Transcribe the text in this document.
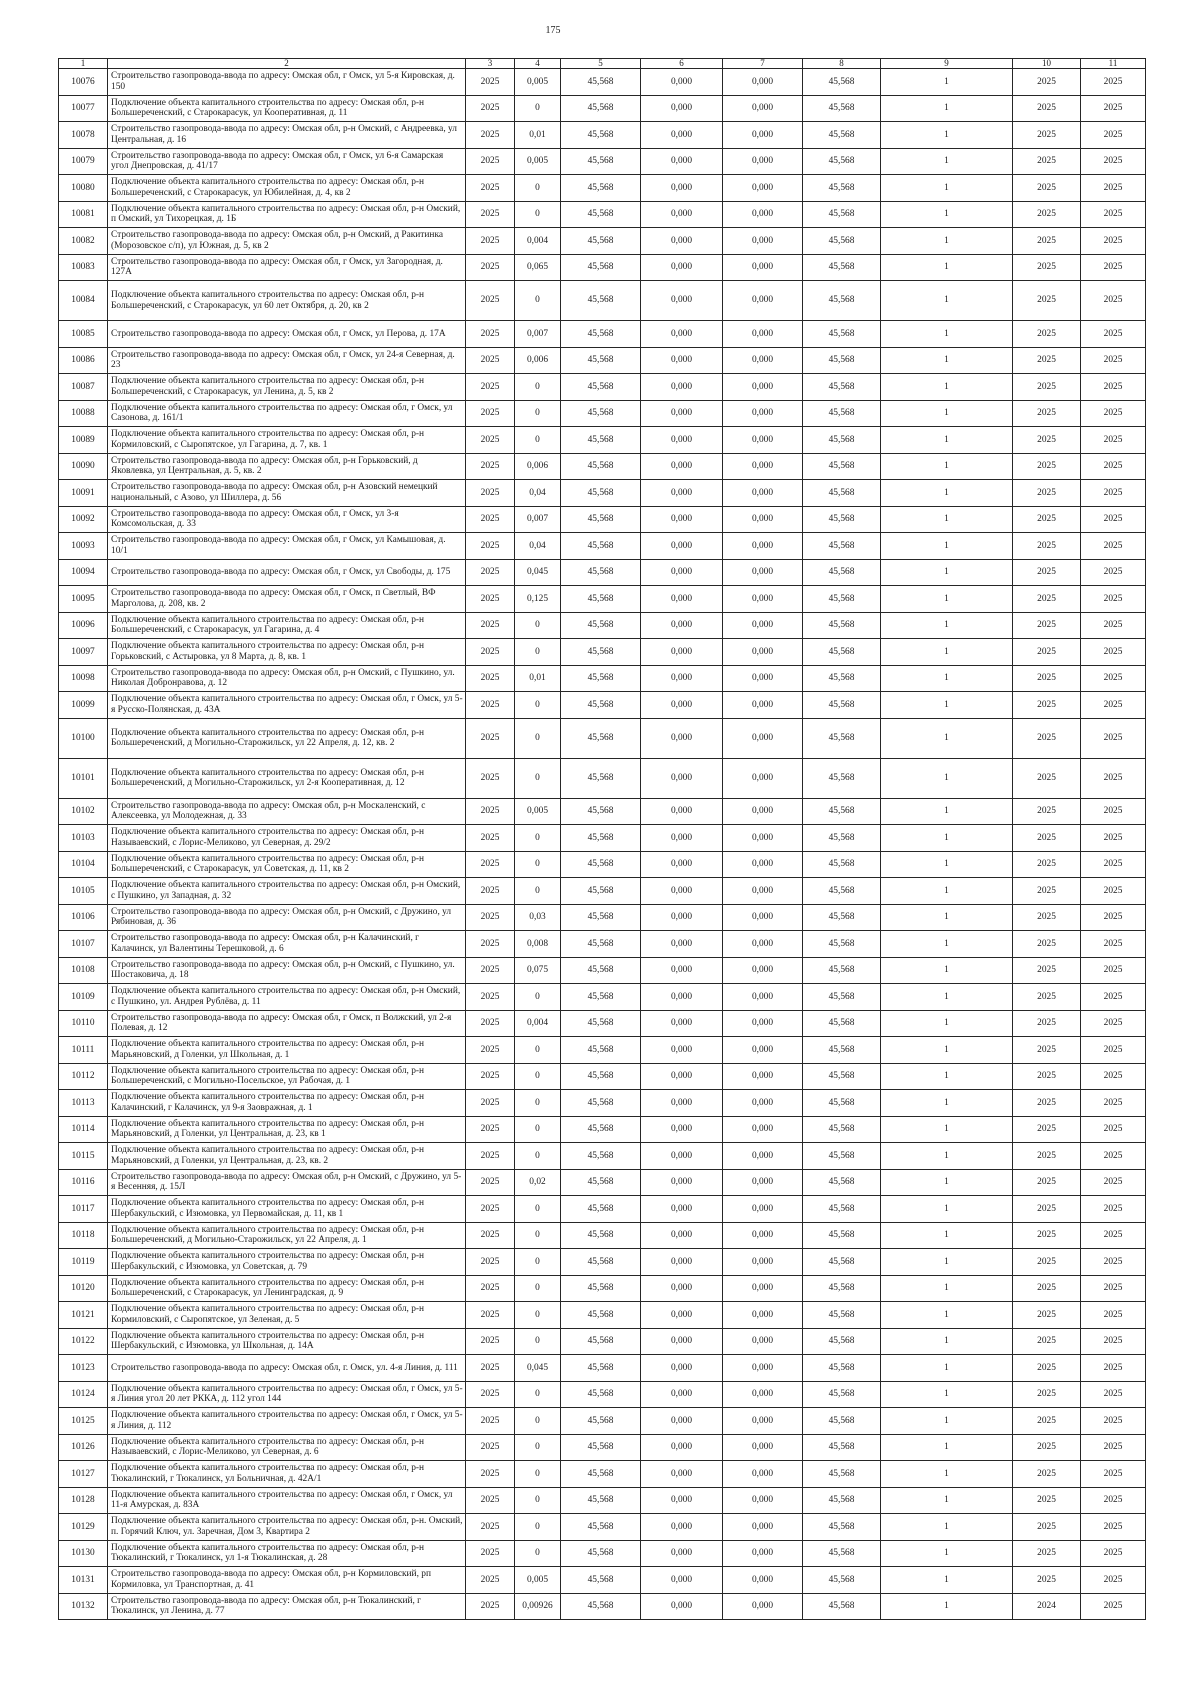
175
1	2	3	4	5	6	7	8	9	10	11
10076	Строительство газопровода-ввода по адресу: Омская обл, г Омск, ул 5-я Кировская, д. 150	2025	0,005	45,568	0,000	0,000	45,568	1	2025	2025
10077	Подключение объекта капитального строительства по адресу: Омская обл, р-н Большереченский, с Старокарасук, ул Кооперативная, д. 11	2025	0	45,568	0,000	0,000	45,568	1	2025	2025
10078	Строительство газопровода-ввода по адресу: Омская обл, р-н Омский, с Андреевка, ул Центральная, д. 16	2025	0,01	45,568	0,000	0,000	45,568	1	2025	2025
10079	Строительство газопровода-ввода по адресу: Омская обл, г Омск, ул 6-я Самарская угол Днепровская, д. 41/17	2025	0,005	45,568	0,000	0,000	45,568	1	2025	2025
10080	Подключение объекта капитального строительства по адресу: Омская обл, р-н Большереченский, с Старокарасук, ул Юбилейная, д. 4, кв 2	2025	0	45,568	0,000	0,000	45,568	1	2025	2025
10081	Подключение объекта капитального строительства по адресу: Омская обл, р-н Омский, п Омский, ул Тихорецкая, д. 1Б	2025	0	45,568	0,000	0,000	45,568	1	2025	2025
10082	Строительство газопровода-ввода по адресу: Омская обл, р-н Омский, д Ракитинка (Морозовское с/п), ул Южная, д. 5, кв 2	2025	0,004	45,568	0,000	0,000	45,568	1	2025	2025
10083	Строительство газопровода-ввода по адресу: Омская обл, г Омск, ул Загородная, д. 127А	2025	0,065	45,568	0,000	0,000	45,568	1	2025	2025
10084	Подключение объекта капитального строительства по адресу: Омская обл, р-н Большереченский, с Старокарасук, ул 60 лет Октября, д. 20, кв 2	2025	0	45,568	0,000	0,000	45,568	1	2025	2025
10085	Строительство газопровода-ввода по адресу: Омская обл, г Омск, ул Перова, д. 17А	2025	0,007	45,568	0,000	0,000	45,568	1	2025	2025
10086	Строительство газопровода-ввода по адресу: Омская обл, г Омск, ул 24-я Северная, д. 23	2025	0,006	45,568	0,000	0,000	45,568	1	2025	2025
10087	Подключение объекта капитального строительства по адресу: Омская обл, р-н Большереченский, с Старокарасук, ул Ленина, д. 5, кв 2	2025	0	45,568	0,000	0,000	45,568	1	2025	2025
10088	Подключение объекта капитального строительства по адресу: Омская обл, г Омск, ул Сазонова, д. 161/1	2025	0	45,568	0,000	0,000	45,568	1	2025	2025
10089	Подключение объекта капитального строительства по адресу: Омская обл, р-н Кормиловский, с Сыропятское, ул Гагарина, д. 7, кв. 1	2025	0	45,568	0,000	0,000	45,568	1	2025	2025
10090	Строительство газопровода-ввода по адресу: Омская обл, р-н Горьковский, д Яковлевка, ул Центральная, д. 5, кв. 2	2025	0,006	45,568	0,000	0,000	45,568	1	2025	2025
10091	Строительство газопровода-ввода по адресу: Омская обл, р-н Азовский немецкий национальный, с Азово, ул Шиллера, д. 56	2025	0,04	45,568	0,000	0,000	45,568	1	2025	2025
10092	Строительство газопровода-ввода по адресу: Омская обл, г Омск, ул 3-я Комсомольская, д. 33	2025	0,007	45,568	0,000	0,000	45,568	1	2025	2025
10093	Строительство газопровода-ввода по адресу: Омская обл, г Омск, ул Камышовая, д. 10/1	2025	0,04	45,568	0,000	0,000	45,568	1	2025	2025
10094	Строительство газопровода-ввода по адресу: Омская обл, г Омск, ул Свободы, д. 175	2025	0,045	45,568	0,000	0,000	45,568	1	2025	2025
10095	Строительство газопровода-ввода по адресу: Омская обл, г Омск, п Светлый, ВФ Марголова, д. 208, кв. 2	2025	0,125	45,568	0,000	0,000	45,568	1	2025	2025
10096	Подключение объекта капитального строительства по адресу: Омская обл, р-н Большереченский, с Старокарасук, ул Гагарина, д. 4	2025	0	45,568	0,000	0,000	45,568	1	2025	2025
10097	Подключение объекта капитального строительства по адресу: Омская обл, р-н Горьковский, с Астыровка, ул 8 Марта, д. 8, кв. 1	2025	0	45,568	0,000	0,000	45,568	1	2025	2025
10098	Строительство газопровода-ввода по адресу: Омская обл, р-н Омский, с Пушкино, ул. Николая Добронравова, д. 12	2025	0,01	45,568	0,000	0,000	45,568	1	2025	2025
10099	Подключение объекта капитального строительства по адресу: Омская обл, г Омск, ул 5-я Русско-Полянская, д. 43А	2025	0	45,568	0,000	0,000	45,568	1	2025	2025
10100	Подключение объекта капитального строительства по адресу: Омская обл, р-н Большереченский, д Могильно-Старожильск, ул 22 Апреля, д. 12, кв. 2	2025	0	45,568	0,000	0,000	45,568	1	2025	2025
10101	Подключение объекта капитального строительства по адресу: Омская обл, р-н Большереченский, д Могильно-Старожильск, ул 2-я Кооперативная, д. 12	2025	0	45,568	0,000	0,000	45,568	1	2025	2025
10102	Строительство газопровода-ввода по адресу: Омская обл, р-н Москаленский, с Алексеевка, ул Молодежная, д. 33	2025	0,005	45,568	0,000	0,000	45,568	1	2025	2025
10103	Подключение объекта капитального строительства по адресу: Омская обл, р-н Называевский, с Лорис-Меликово, ул Северная, д. 29/2	2025	0	45,568	0,000	0,000	45,568	1	2025	2025
10104	Подключение объекта капитального строительства по адресу: Омская обл, р-н Большереченский, с Старокарасук, ул Советская, д. 11, кв 2	2025	0	45,568	0,000	0,000	45,568	1	2025	2025
10105	Подключение объекта капитального строительства по адресу: Омская обл, р-н Омский, с Пушкино, ул Западная, д. 32	2025	0	45,568	0,000	0,000	45,568	1	2025	2025
10106	Строительство газопровода-ввода по адресу: Омская обл, р-н Омский, с Дружино, ул Рябиновая, д. 36	2025	0,03	45,568	0,000	0,000	45,568	1	2025	2025
10107	Строительство газопровода-ввода по адресу: Омская обл, р-н Калачинский, г Калачинск, ул Валентины Терешковой, д. 6	2025	0,008	45,568	0,000	0,000	45,568	1	2025	2025
10108	Строительство газопровода-ввода по адресу: Омская обл, р-н Омский, с Пушкино, ул. Шостаковича, д. 18	2025	0,075	45,568	0,000	0,000	45,568	1	2025	2025
10109	Подключение объекта капитального строительства по адресу: Омская обл, р-н Омский, с Пушкино, ул. Андрея Рублёва, д. 11	2025	0	45,568	0,000	0,000	45,568	1	2025	2025
10110	Строительство газопровода-ввода по адресу: Омская обл, г Омск, п Волжский, ул 2-я Полевая, д. 12	2025	0,004	45,568	0,000	0,000	45,568	1	2025	2025
10111	Подключение объекта капитального строительства по адресу: Омская обл, р-н Марьяновский, д Голенки, ул Школьная, д. 1	2025	0	45,568	0,000	0,000	45,568	1	2025	2025
10112	Подключение объекта капитального строительства по адресу: Омская обл, р-н Большереченский, с Могильно-Посельское, ул Рабочая, д. 1	2025	0	45,568	0,000	0,000	45,568	1	2025	2025
10113	Подключение объекта капитального строительства по адресу: Омская обл, р-н Калачинский, г Калачинск, ул 9-я Заовражная, д. 1	2025	0	45,568	0,000	0,000	45,568	1	2025	2025
10114	Подключение объекта капитального строительства по адресу: Омская обл, р-н Марьяновский, д Голенки, ул Центральная, д. 23, кв 1	2025	0	45,568	0,000	0,000	45,568	1	2025	2025
10115	Подключение объекта капитального строительства по адресу: Омская обл, р-н Марьяновский, д Голенки, ул Центральная, д. 23, кв. 2	2025	0	45,568	0,000	0,000	45,568	1	2025	2025
10116	Строительство газопровода-ввода по адресу: Омская обл, р-н Омский, с Дружино, ул 5-я Весенняя, д. 15Л	2025	0,02	45,568	0,000	0,000	45,568	1	2025	2025
10117	Подключение объекта капитального строительства по адресу: Омская обл, р-н Шербакульский, с Изюмовка, ул Первомайская, д. 11, кв 1	2025	0	45,568	0,000	0,000	45,568	1	2025	2025
10118	Подключение объекта капитального строительства по адресу: Омская обл, р-н Большереченский, д Могильно-Старожильск, ул 22 Апреля, д. 1	2025	0	45,568	0,000	0,000	45,568	1	2025	2025
10119	Подключение объекта капитального строительства по адресу: Омская обл, р-н Шербакульский, с Изюмовка, ул Советская, д. 79	2025	0	45,568	0,000	0,000	45,568	1	2025	2025
10120	Подключение объекта капитального строительства по адресу: Омская обл, р-н Большереченский, с Старокарасук, ул Ленинградская, д. 9	2025	0	45,568	0,000	0,000	45,568	1	2025	2025
10121	Подключение объекта капитального строительства по адресу: Омская обл, р-н Кормиловский, с Сыропятское, ул Зеленая, д. 5	2025	0	45,568	0,000	0,000	45,568	1	2025	2025
10122	Подключение объекта капитального строительства по адресу: Омская обл, р-н Шербакульский, с Изюмовка, ул Школьная, д. 14А	2025	0	45,568	0,000	0,000	45,568	1	2025	2025
10123	Строительство газопровода-ввода по адресу: Омская обл, г. Омск, ул. 4-я Линия, д. 111	2025	0,045	45,568	0,000	0,000	45,568	1	2025	2025
10124	Подключение объекта капитального строительства по адресу: Омская обл, г Омск, ул 5-я Линия угол 20 лет РККА, д. 112 угол 144	2025	0	45,568	0,000	0,000	45,568	1	2025	2025
10125	Подключение объекта капитального строительства по адресу: Омская обл, г Омск, ул 5-я Линия, д. 112	2025	0	45,568	0,000	0,000	45,568	1	2025	2025
10126	Подключение объекта капитального строительства по адресу: Омская обл, р-н Называевский, с Лорис-Меликово, ул Северная, д. 6	2025	0	45,568	0,000	0,000	45,568	1	2025	2025
10127	Подключение объекта капитального строительства по адресу: Омская обл, р-н Тюкалинский, г Тюкалинск, ул Больничная, д. 42А/1	2025	0	45,568	0,000	0,000	45,568	1	2025	2025
10128	Подключение объекта капитального строительства по адресу: Омская обл, г Омск, ул 11-я Амурская, д. 83А	2025	0	45,568	0,000	0,000	45,568	1	2025	2025
10129	Подключение объекта капитального строительства по адресу: Омская обл, р-н. Омский, п. Горячий Ключ, ул. Заречная, Дом 3, Квартира 2	2025	0	45,568	0,000	0,000	45,568	1	2025	2025
10130	Подключение объекта капитального строительства по адресу: Омская обл, р-н Тюкалинский, г Тюкалинск, ул 1-я Тюкалинская, д. 28	2025	0	45,568	0,000	0,000	45,568	1	2025	2025
10131	Строительство газопровода-ввода по адресу: Омская обл, р-н Кормиловский, рп Кормиловка, ул Транспортная, д. 41	2025	0,005	45,568	0,000	0,000	45,568	1	2025	2025
10132	Строительство газопровода-ввода по адресу: Омская обл, р-н Тюкалинский, г Тюкалинск, ул Ленина, д. 77	2025	0,00926	45,568	0,000	0,000	45,568	1	2024	2025
